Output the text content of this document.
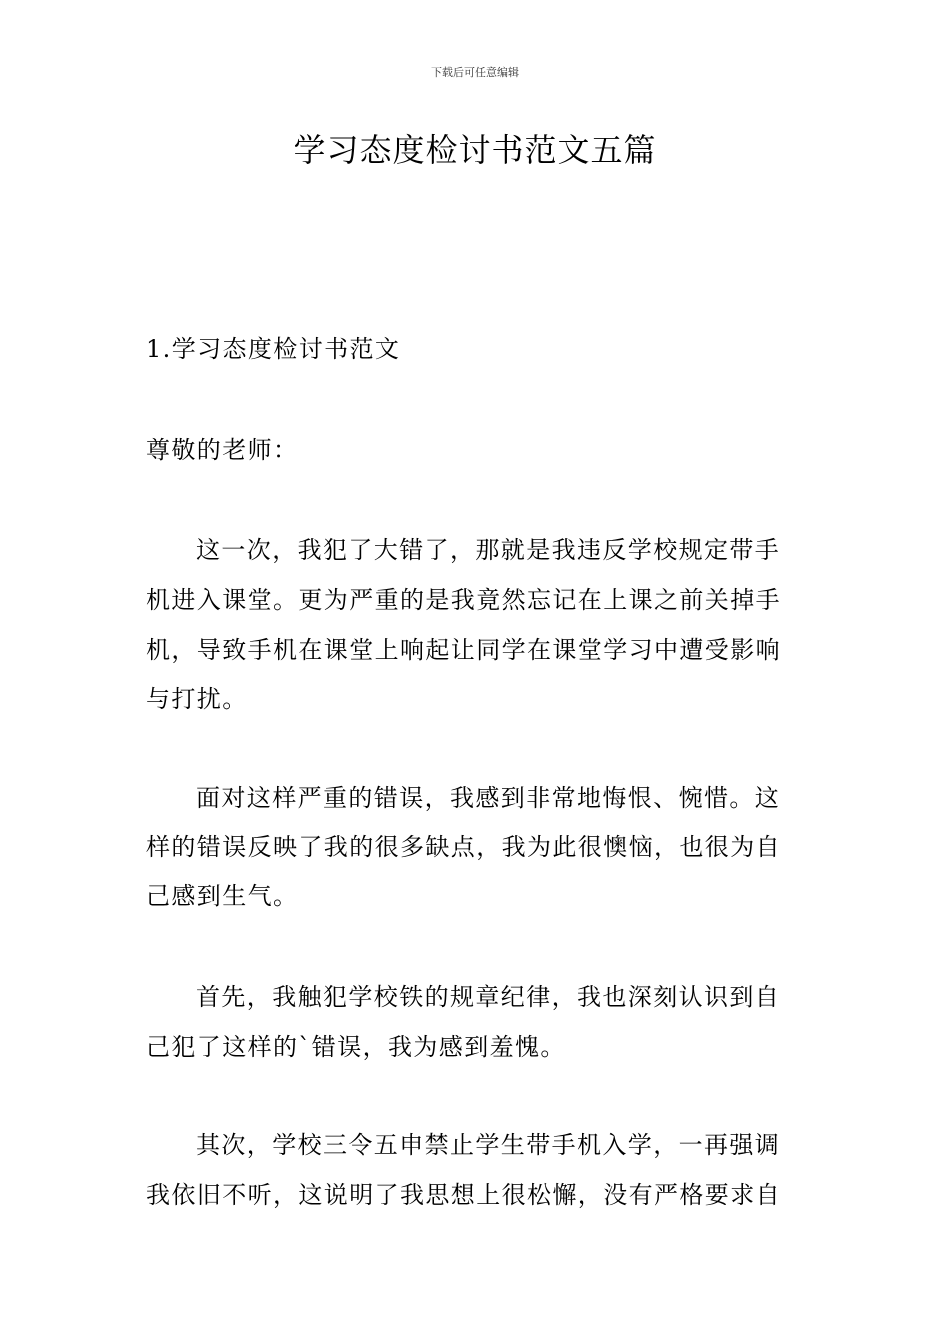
下载后可任意编辑
学习态度检讨书范文五篇
1.学习态度检讨书范文
尊敬的老师：
这一次，我犯了大错了，那就是我违反学校规定带手
机进入课堂。更为严重的是我竟然忘记在上课之前关掉手
机，导致手机在课堂上响起让同学在课堂学习中遭受影响
与打扰。
面对这样严重的错误，我感到非常地悔恨、惋惜。这
样的错误反映了我的很多缺点，我为此很懊恼，也很为自
己感到生气。
首先，我触犯学校铁的规章纪律，我也深刻认识到自
己犯了这样的`错误，我为感到羞愧。
其次，学校三令五申禁止学生带手机入学，一再强调
我依旧不听，这说明了我思想上很松懈，没有严格要求自
